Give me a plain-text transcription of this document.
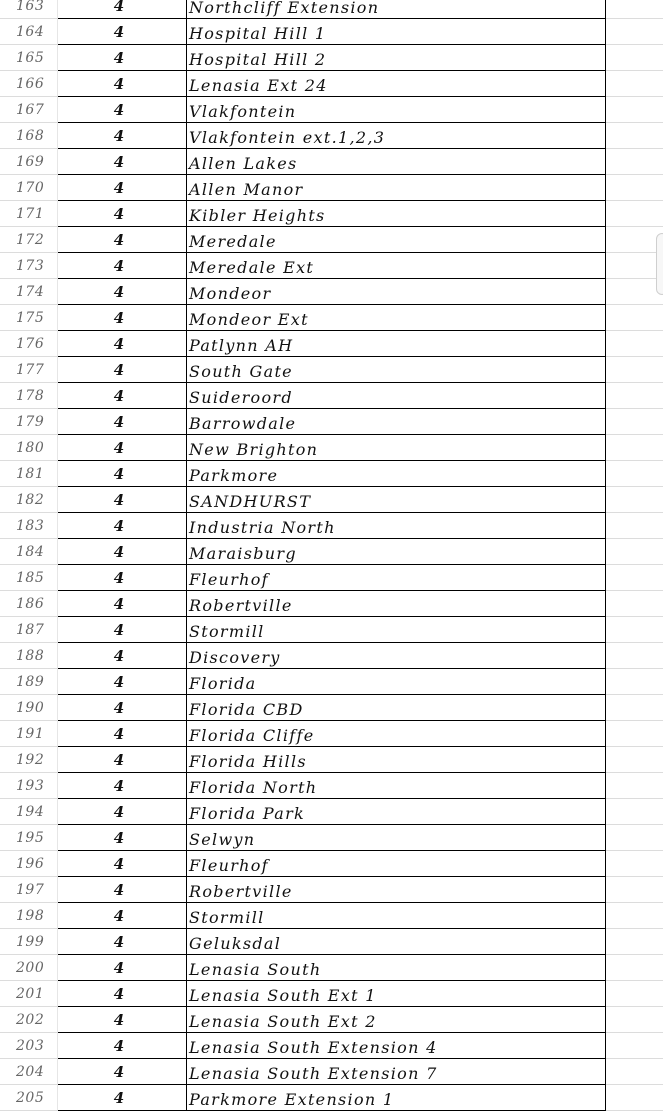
163	4	Northcliff Extension
164	4	Hospital Hill 1
165	4	Hospital Hill 2
166	4	Lenasia Ext 24
167	4	Vlakfontein
168	4	Vlakfontein ext.1,2,3
169	4	Allen Lakes
170	4	Allen Manor
171	4	Kibler Heights
172	4	Meredale
173	4	Meredale Ext
174	4	Mondeor
175	4	Mondeor Ext
176	4	Patlynn AH
177	4	South Gate
178	4	Suideroord
179	4	Barrowdale
180	4	New Brighton
181	4	Parkmore
182	4	SANDHURST
183	4	Industria North
184	4	Maraisburg
185	4	Fleurhof
186	4	Robertville
187	4	Stormill
188	4	Discovery
189	4	Florida
190	4	Florida CBD
191	4	Florida Cliffe
192	4	Florida Hills
193	4	Florida North
194	4	Florida Park
195	4	Selwyn
196	4	Fleurhof
197	4	Robertville
198	4	Stormill
199	4	Geluksdal
200	4	Lenasia South
201	4	Lenasia South Ext 1
202	4	Lenasia South Ext 2
203	4	Lenasia South Extension 4
204	4	Lenasia South Extension 7
205	4	Parkmore Extension 1
